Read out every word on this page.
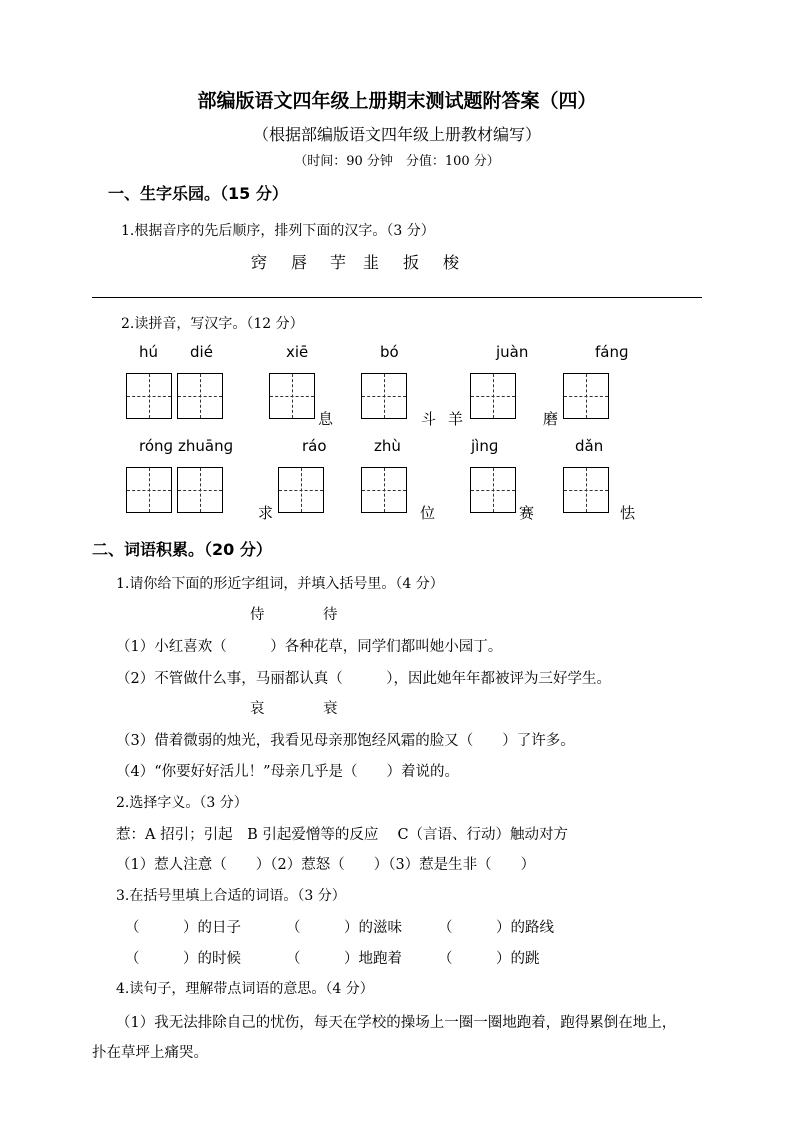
部编版语文四年级上册期末测试题附答案（四）
（根据部编版语文四年级上册教材编写）
（时间：90 分钟　分值：100 分）
一、生字乐园。（15 分）
1.根据音序的先后顺序，排列下面的汉字。（3 分）
窍 唇 芋 韭 扳 梭
2.读拼音，写汉字。（12 分）
hú dié	xiē	bó	juàn	fánɡ
息	斗 羊	磨
rónɡ zhuānɡ	ráo	zhù	jìnɡ	dǎn
求	位	赛	怯
二、词语积累。（20 分）
1.请你给下面的形近字组词，并填入括号里。（4 分）
侍	待
（1）小红喜欢（　　　）各种花草，同学们都叫她小园丁。
（2）不管做什么事，马丽都认真（　　　），因此她年年都被评为三好学生。
哀	衰
（3）借着微弱的烛光，我看见母亲那饱经风霜的脸又（　　）了许多。
（4）“你要好好活儿！”母亲几乎是（　　）着说的。
2.选择字义。（3 分）
惹：A 招引；引起　B 引起爱憎等的反应　 C（言语、行动）触动对方
（1）惹人注意（　　）（2）惹怒（　　）（3）惹是生非（　　）
3.在括号里填上合适的词语。（3 分）
（　　　）的日子	（　　　）的滋味 （　　　）的路线
（　　　）的时候	（　　　）地跑着 （　　　）的跳
4.读句子，理解带点词语的意思。（4 分）
（1）我无法排除自己的忧伤，每天在学校的操场上一圈一圈地跑着，跑得累倒在地上，
扑在草坪上痛哭。
